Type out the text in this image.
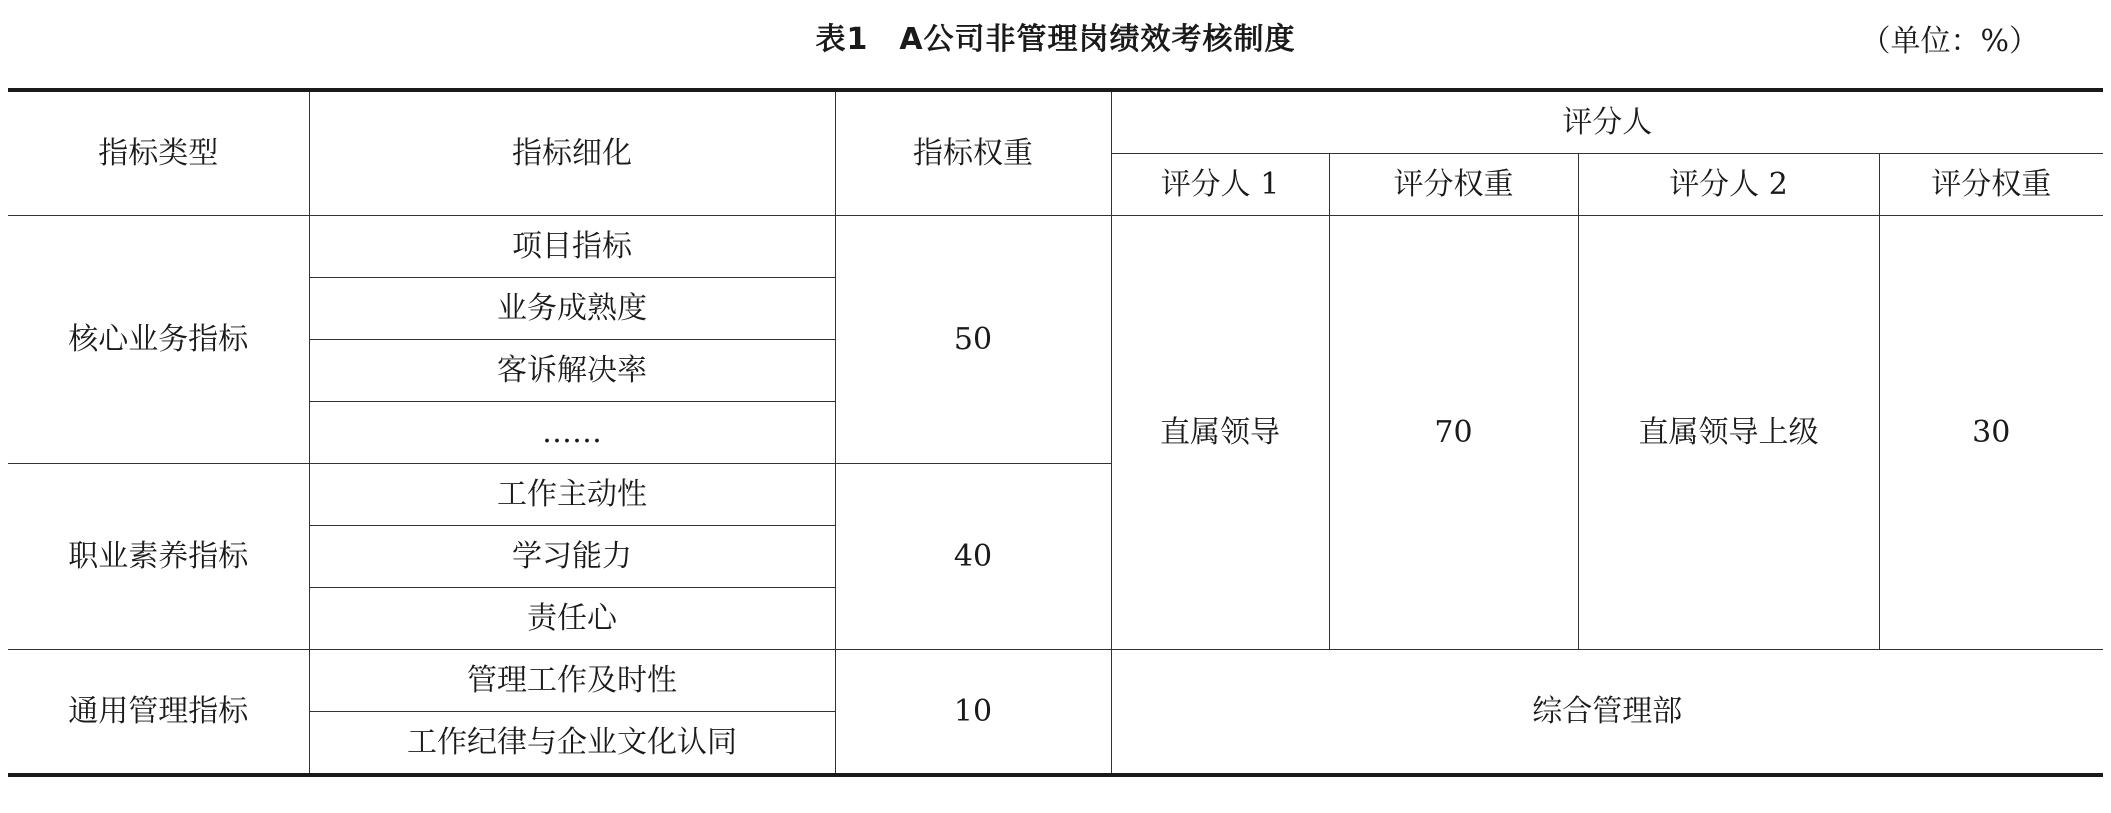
表1　A公司非管理岗绩效考核制度	（单位：%）
指标类型	指标细化	指标权重	评分人			
			评分人 1	评分权重	评分人 2	评分权重
核心业务指标	项目指标	50	直属领导	70	直属领导上级	30
	业务成熟度					
	客诉解决率					
	……					
职业素养指标	工作主动性	40				
	学习能力					
	责任心					
通用管理指标	管理工作及时性	10	综合管理部			
	工作纪律与企业文化认同					
